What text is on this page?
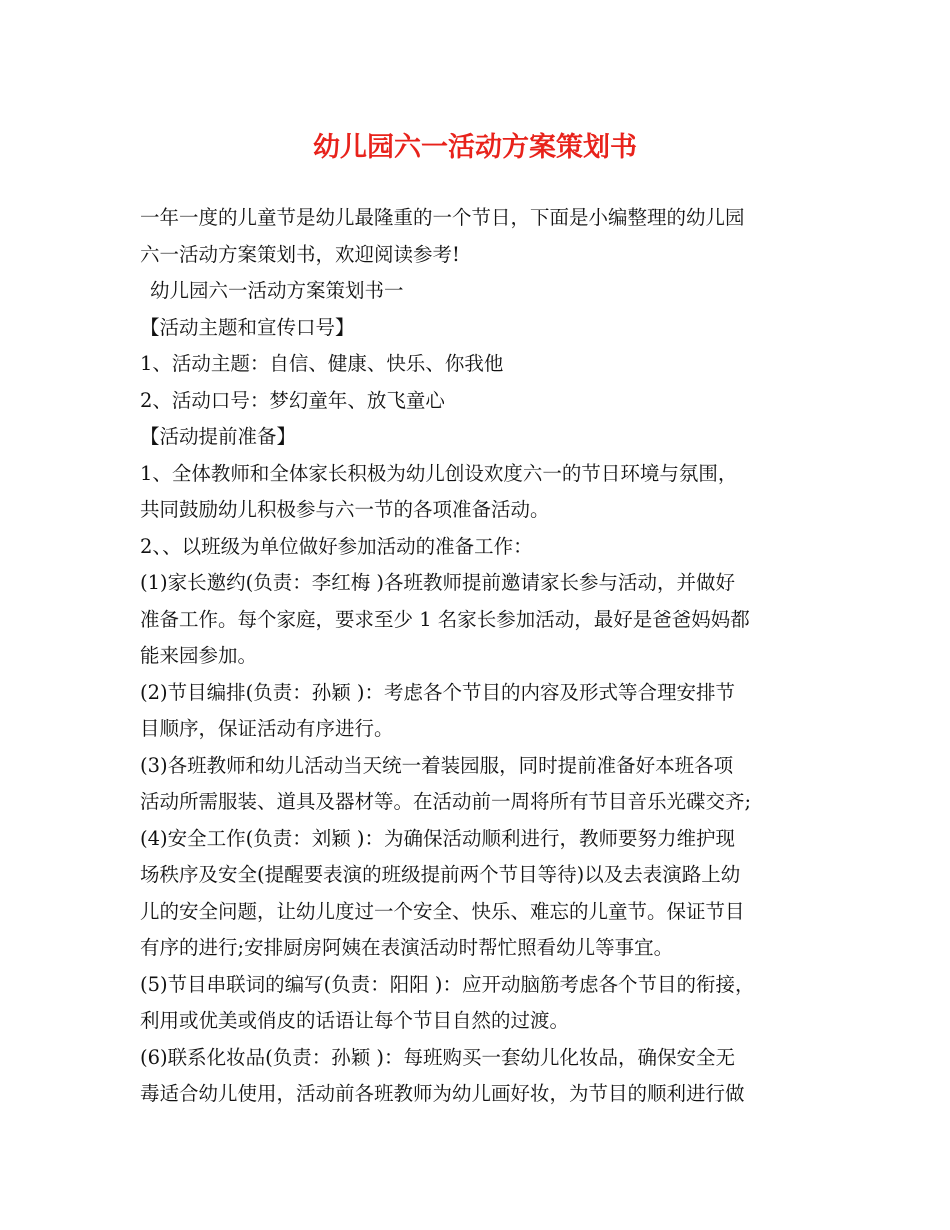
幼儿园六一活动方案策划书
一年一度的儿童节是幼儿最隆重的一个节日，下面是小编整理的幼儿园
六一活动方案策划书，欢迎阅读参考!
幼儿园六一活动方案策划书一
【活动主题和宣传口号】
1、活动主题：自信、健康、快乐、你我他
2、活动口号：梦幻童年、放飞童心
【活动提前准备】
1、全体教师和全体家长积极为幼儿创设欢度六一的节日环境与氛围，
共同鼓励幼儿积极参与六一节的各项准备活动。
2、、以班级为单位做好参加活动的准备工作：
(1)家长邀约(负责：李红梅 )各班教师提前邀请家长参与活动，并做好
准备工作。每个家庭，要求至少 1 名家长参加活动，最好是爸爸妈妈都
能来园参加。
(2)节目编排(负责：孙颖 )：考虑各个节目的内容及形式等合理安排节
目顺序，保证活动有序进行。
(3)各班教师和幼儿活动当天统一着装园服，同时提前准备好本班各项
活动所需服装、道具及器材等。在活动前一周将所有节目音乐光碟交齐;
(4)安全工作(负责：刘颖 )：为确保活动顺利进行，教师要努力维护现
场秩序及安全(提醒要表演的班级提前两个节目等待)以及去表演路上幼
儿的安全问题，让幼儿度过一个安全、快乐、难忘的儿童节。保证节目
有序的进行;安排厨房阿姨在表演活动时帮忙照看幼儿等事宜。
(5)节目串联词的编写(负责：阳阳 )：应开动脑筋考虑各个节目的衔接，
利用或优美或俏皮的话语让每个节目自然的过渡。
(6)联系化妆品(负责：孙颖 )：每班购买一套幼儿化妆品，确保安全无
毒适合幼儿使用，活动前各班教师为幼儿画好妆，为节目的顺利进行做
